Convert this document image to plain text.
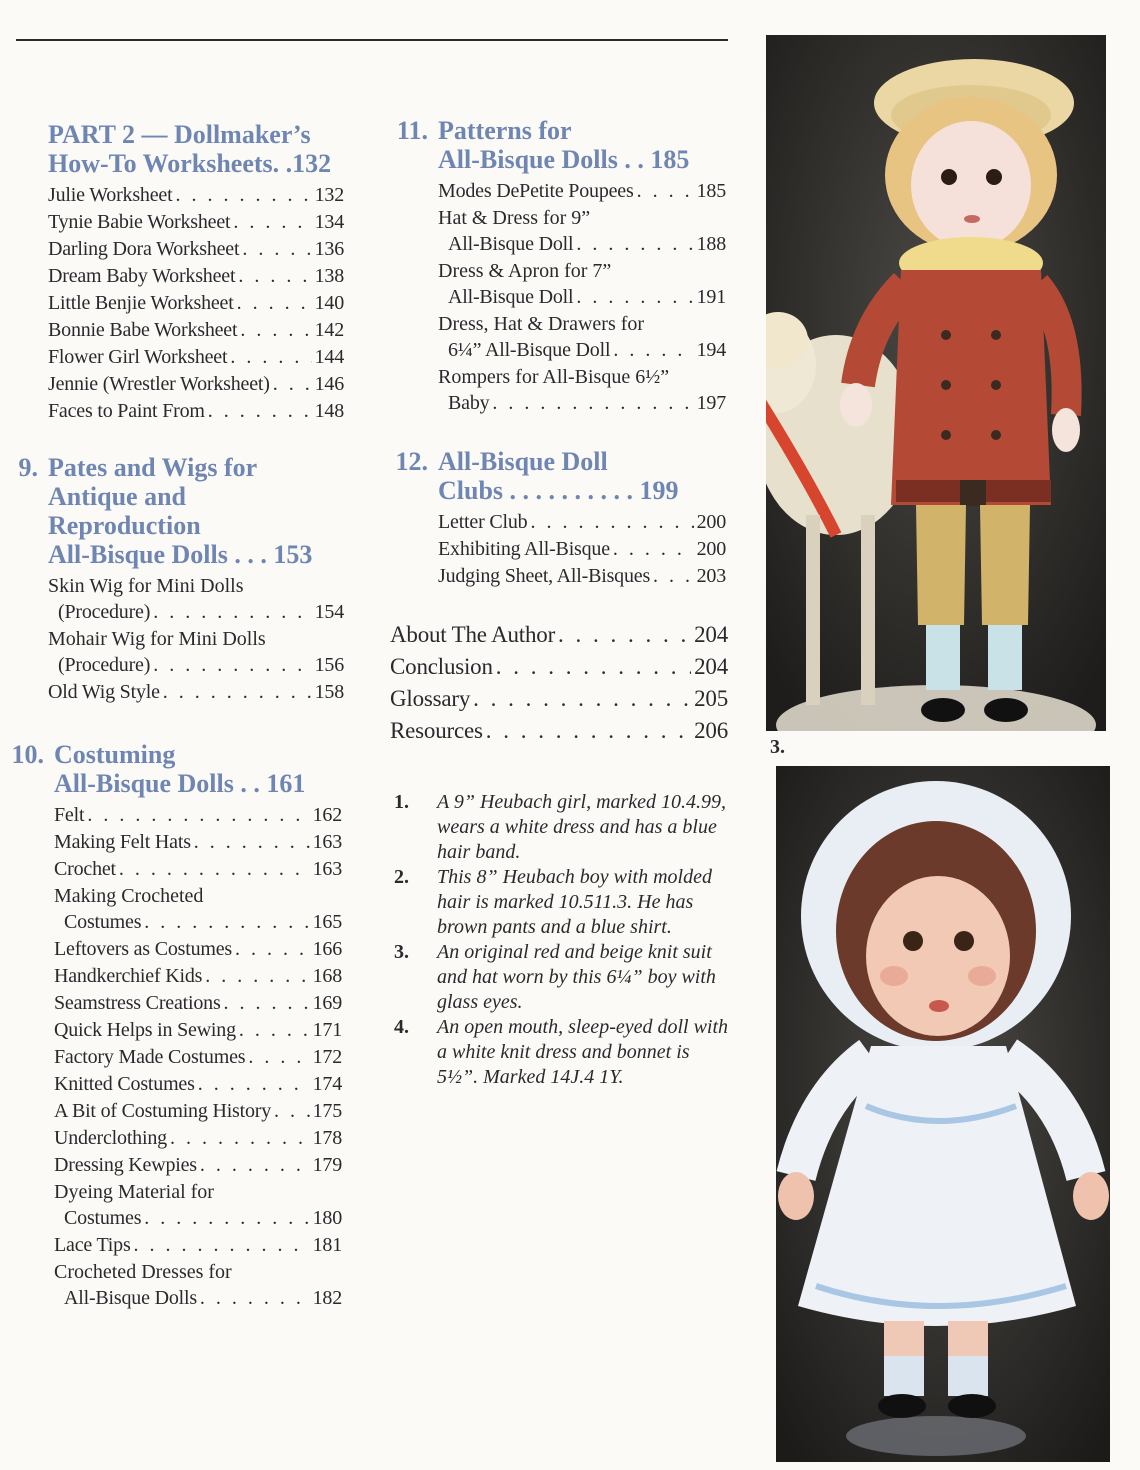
PART 2 — Dollmaker’s
How-To Worksheets. .132
Julie Worksheet . . .	132
Tynie Babie Worksheet . . .	134
Darling Dora Worksheet . . .	136
Dream Baby Worksheet . . .	138
Little Benjie Worksheet . . .	140
Bonnie Babe Worksheet . . .	142
Flower Girl Worksheet . . .	144
Jennie (Wrestler Worksheet) . . . 146
Faces to Paint From . . .	148
9. Pates and Wigs for
Antique and
Reproduction
All-Bisque Dolls . . . 153
Skin Wig for Mini Dolls
(Procedure) . . .	154
Mohair Wig for Mini Dolls
(Procedure) . . .	156
Old Wig Style . . .	158
10. Costuming
All-Bisque Dolls . . 161
Felt . . .	162
Making Felt Hats . . .	163
Crochet . . .	163
Making Crocheted
Costumes . . .	165
Leftovers as Costumes . . .	166
Handkerchief Kids . . .	168
Seamstress Creations . . .	169
Quick Helps in Sewing . . .	171
Factory Made Costumes . . .	172
Knitted Costumes . . .	174
A Bit of Costuming History . . . 175
Underclothing . . .	178
Dressing Kewpies . . .	179
Dyeing Material for
Costumes . . .	180
Lace Tips . . .	181
Crocheted Dresses for
All-Bisque Dolls . . .	182
11. Patterns for
All-Bisque Dolls . . 185
Modes DePetite Poupees . . .	185
Hat & Dress for 9”
All-Bisque Doll . . .	188
Dress & Apron for 7”
All-Bisque Doll . . .	191
Dress, Hat & Drawers for
6¼” All-Bisque Doll . . .	194
Rompers for All-Bisque 6½”
Baby . . .	197
12. All-Bisque Doll
Clubs . . . . . . . . . . 199
Letter Club . . .	200
Exhibiting All-Bisque . . .	200
Judging Sheet, All-Bisques . . . 203
About The Author . . .	204
Conclusion . . .	204
Glossary . . .	205
Resources . . .	206
1.	A 9” Heubach girl, marked 10.4.99, wears a white dress and has a blue hair band.
2.	This 8” Heubach boy with molded hair is marked 10.511.3. He has brown pants and a blue shirt.
3.	An original red and beige knit suit and hat worn by this 6¼” boy with glass eyes.
4.	An open mouth, sleep-eyed doll with a white knit dress and bonnet is 5½”. Marked 14J.4 1Y.
3.
